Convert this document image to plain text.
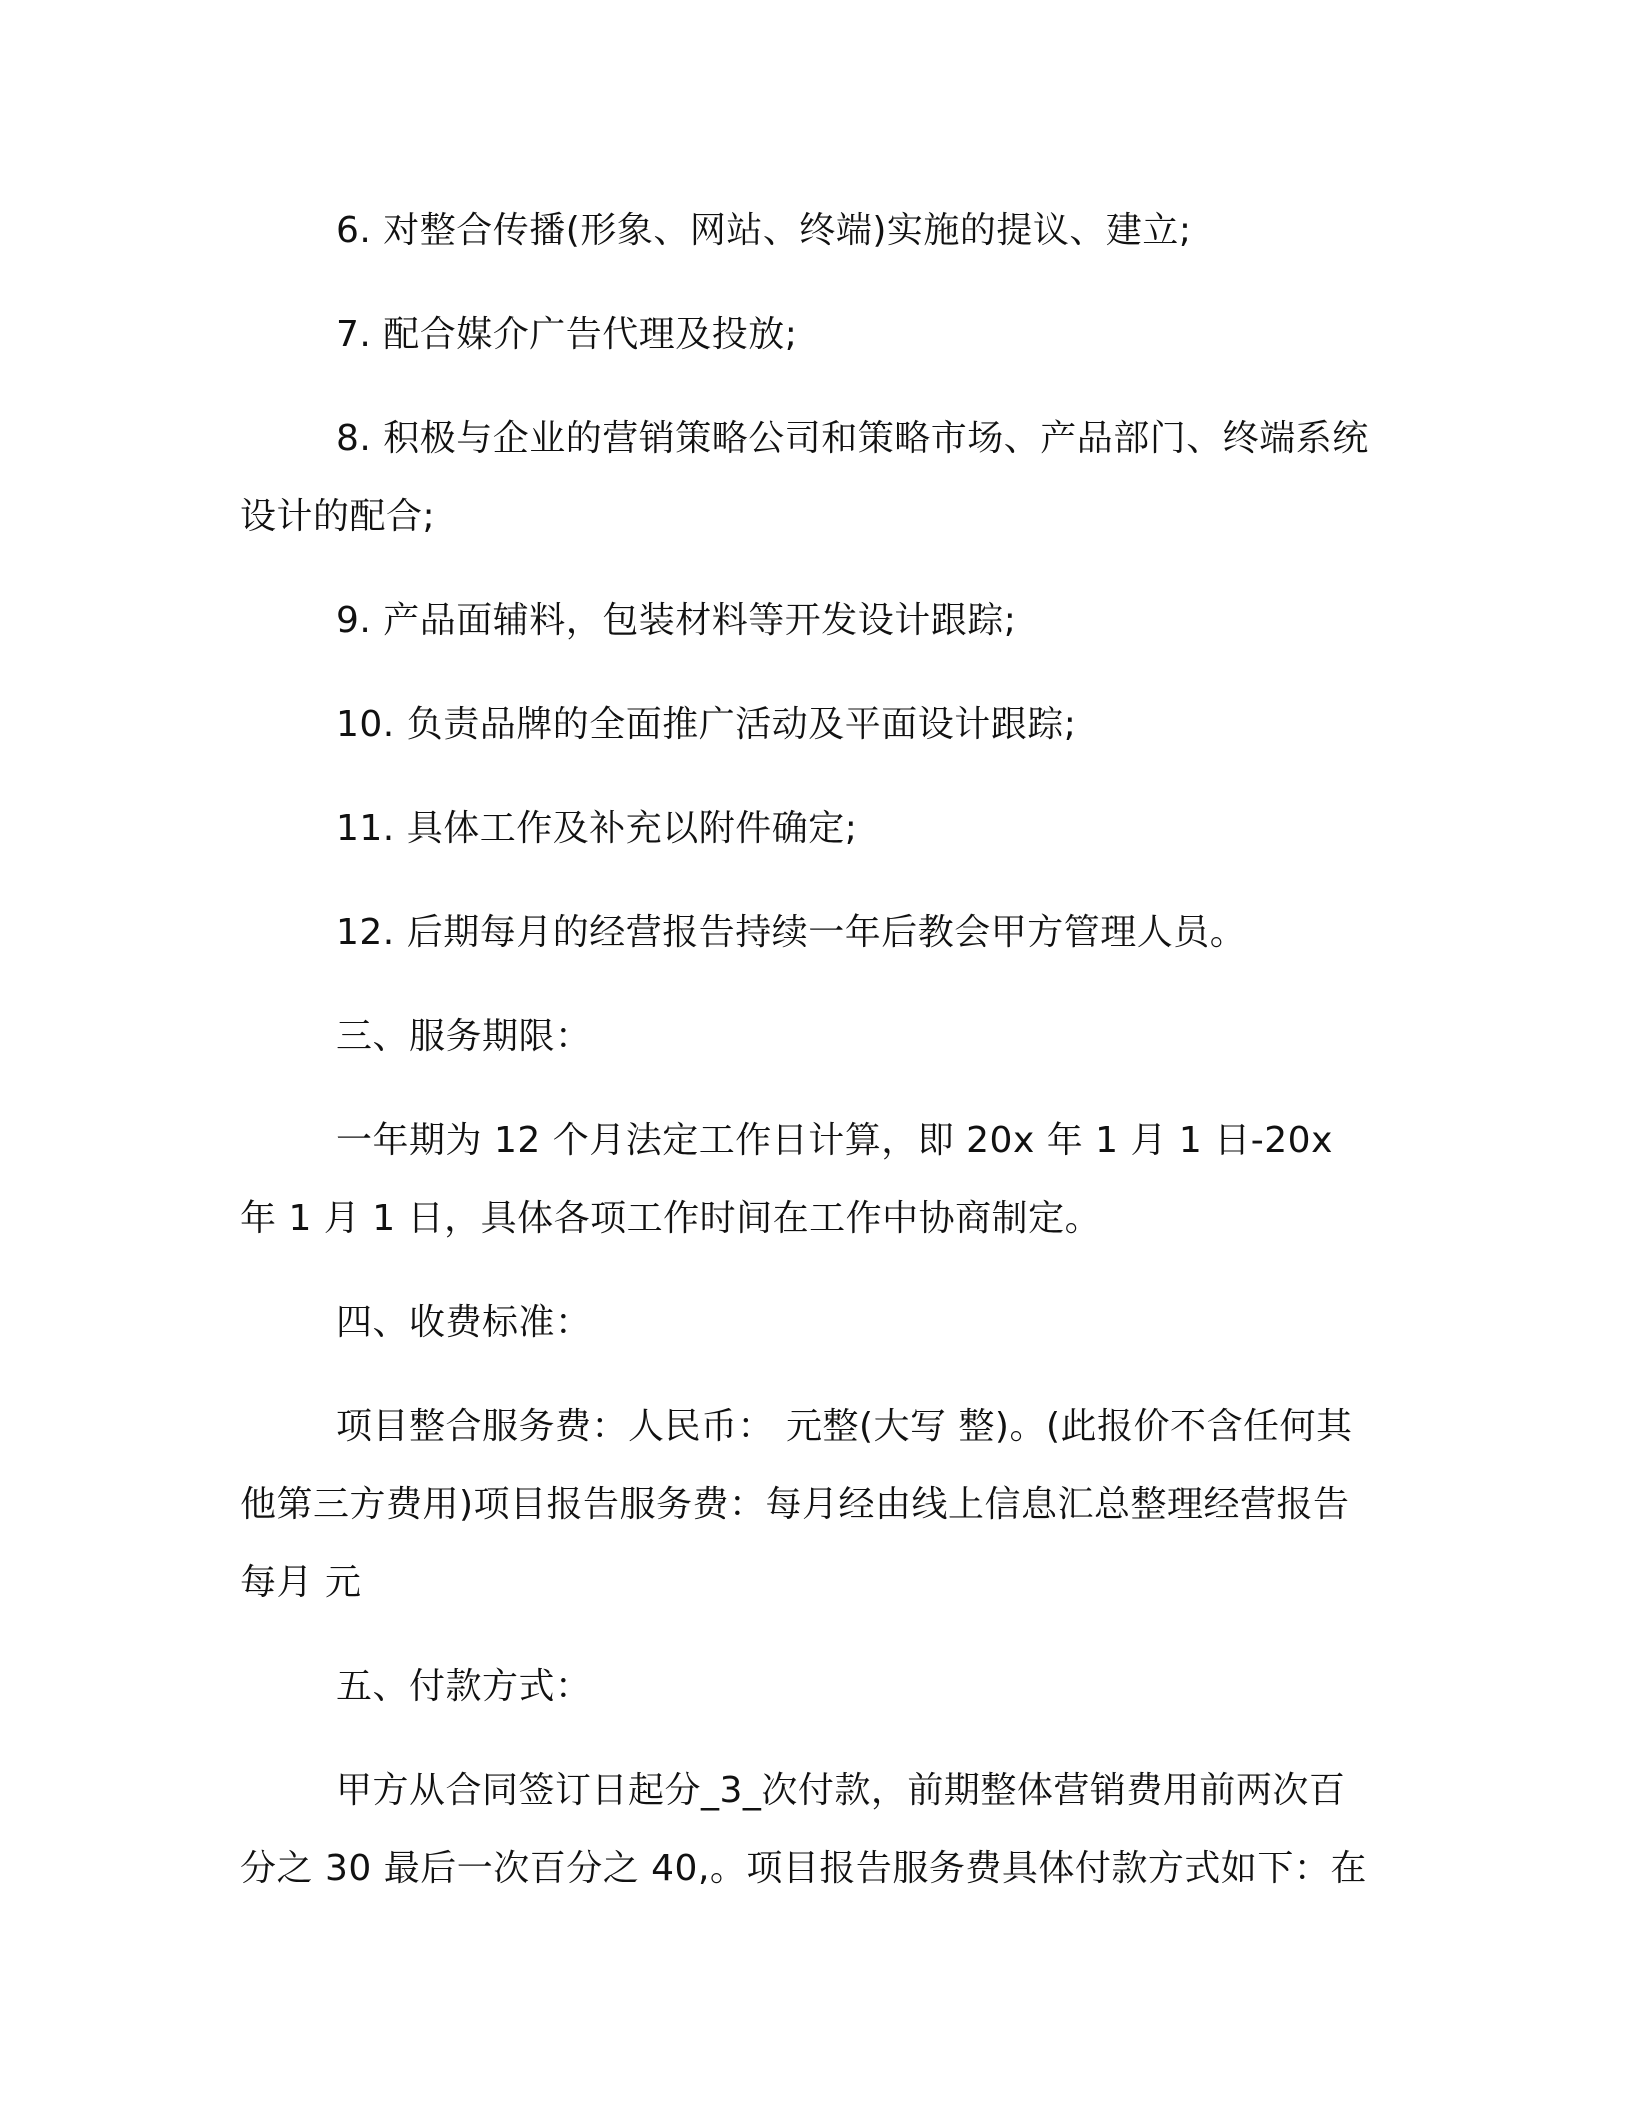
6. 对整合传播(形象、网站、终端)实施的提议、建立;

7. 配合媒介广告代理及投放;

8. 积极与企业的营销策略公司和策略市场、产品部门、终端系统设计的配合;

9. 产品面辅料，包装材料等开发设计跟踪;

10. 负责品牌的全面推广活动及平面设计跟踪;

11. 具体工作及补充以附件确定;

12. 后期每月的经营报告持续一年后教会甲方管理人员。

三、服务期限：

一年期为 12 个月法定工作日计算，即 20x 年 1 月 1 日-20x 年 1 月 1 日，具体各项工作时间在工作中协商制定。

四、收费标准：

项目整合服务费：人民币： 元整(大写 整)。(此报价不含任何其他第三方费用)项目报告服务费：每月经由线上信息汇总整理经营报告每月 元

五、付款方式：

甲方从合同签订日起分_3_次付款，前期整体营销费用前两次百分之 30 最后一次百分之 40,。项目报告服务费具体付款方式如下：在
